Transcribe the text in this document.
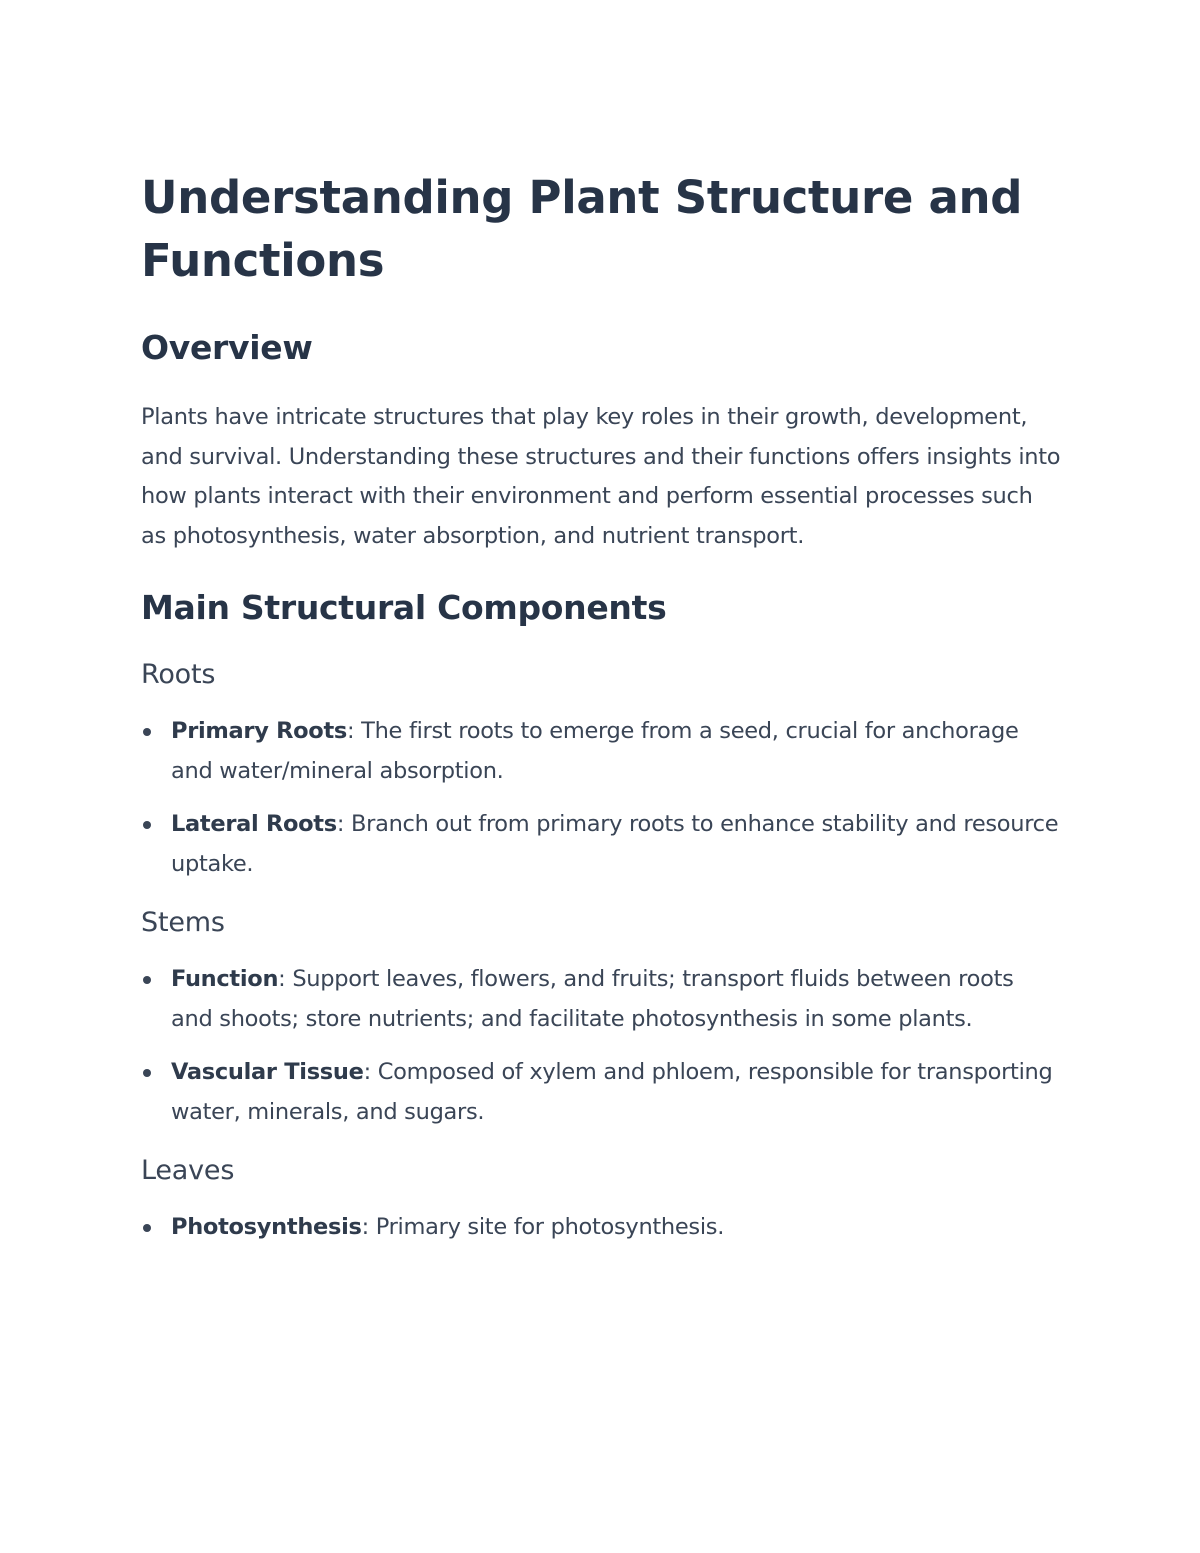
Understanding Plant Structure and Functions
Overview

Plants have intricate structures that play key roles in their growth, development, and survival. Understanding these structures and their functions offers insights into how plants interact with their environment and perform essential processes such as photosynthesis, water absorption, and nutrient transport.

Main Structural Components
Roots
Primary Roots: The first roots to emerge from a seed, crucial for anchorage and water/mineral absorption.
Lateral Roots: Branch out from primary roots to enhance stability and resource uptake.
Stems
Function: Support leaves, flowers, and fruits; transport fluids between roots and shoots; store nutrients; and facilitate photosynthesis in some plants.
Vascular Tissue: Composed of xylem and phloem, responsible for transporting water, minerals, and sugars.
Leaves
Photosynthesis: Primary site for photosynthesis.
